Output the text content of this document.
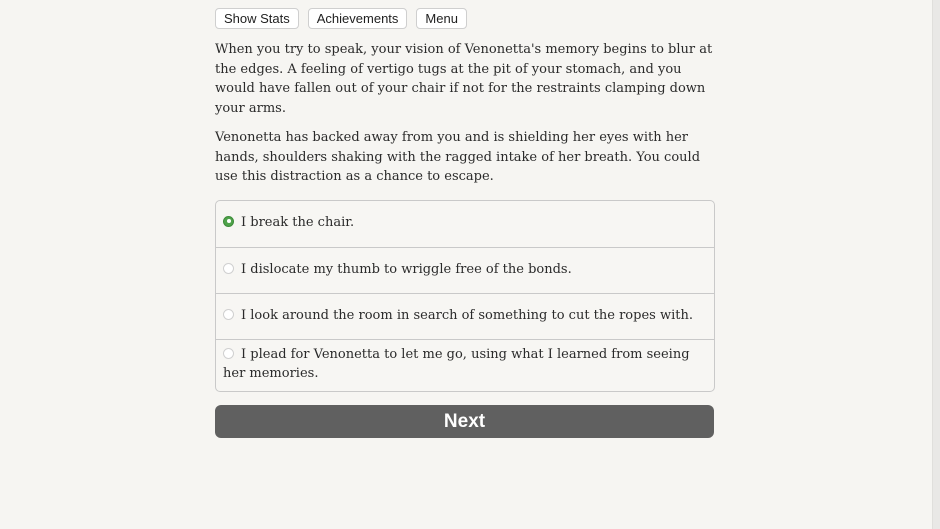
Show Stats	Achievements	Menu

When you try to speak, your vision of Venonetta's memory begins to blur at the edges. A feeling of vertigo tugs at the pit of your stomach, and you would have fallen out of your chair if not for the restraints clamping down your arms.

Venonetta has backed away from you and is shielding her eyes with her hands, shoulders shaking with the ragged intake of her breath. You could use this distraction as a chance to escape.

I break the chair.
I dislocate my thumb to wriggle free of the bonds.
I look around the room in search of something to cut the ropes with.
I plead for Venonetta to let me go, using what I learned from seeing her memories.
Next
